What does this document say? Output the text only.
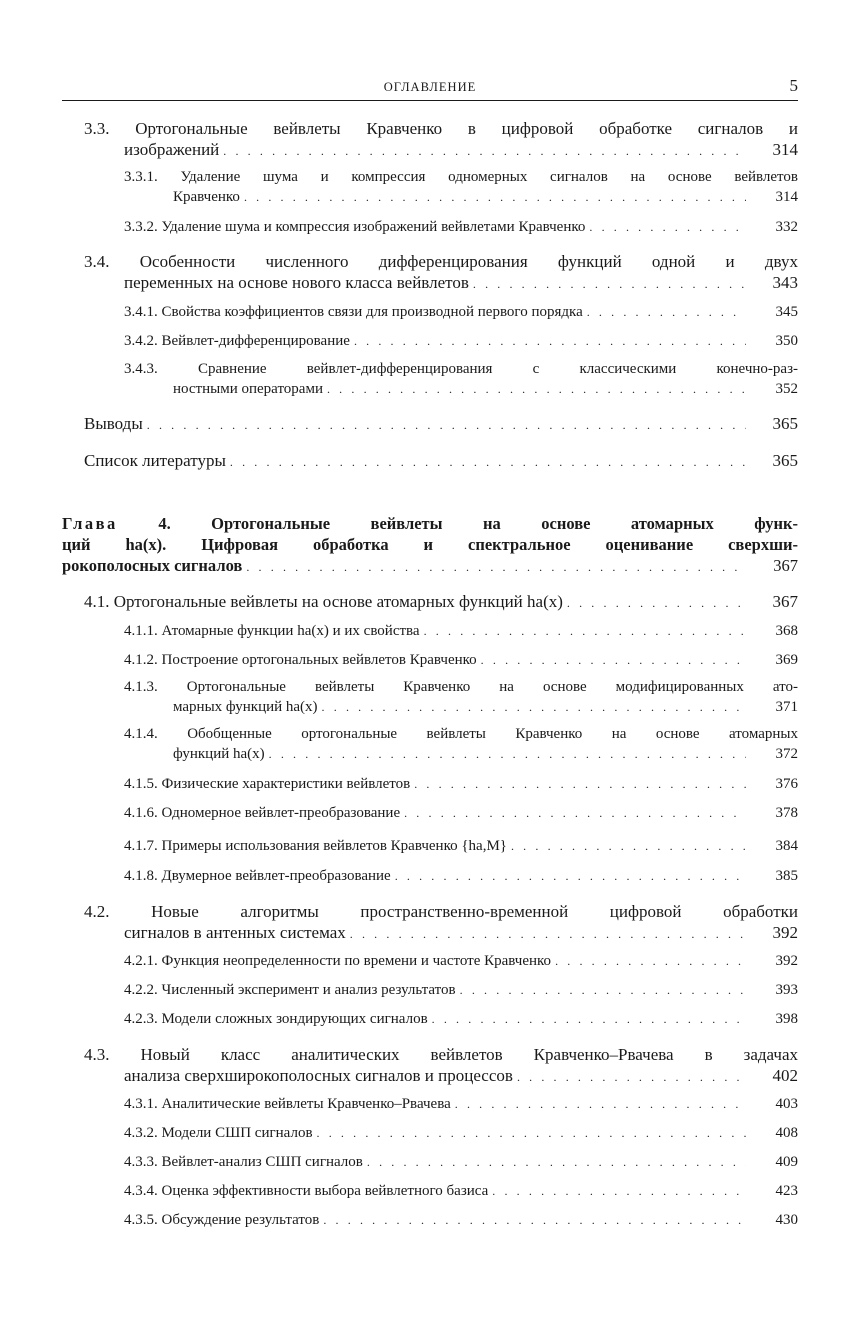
ОГЛАВЛЕНИЕ	5
3.3. Ортогональные вейвлеты Кравченко в цифровой обработке сигналов и
изображений . . .	314
3.3.1. Удаление шума и компрессия одномерных сигналов на основе вейвлетов
Кравченко . . .	314
3.3.2. Удаление шума и компрессия изображений вейвлетами Кравченко . . .	332
3.4. Особенности численного дифференцирования функций одной и двух
переменных на основе нового класса вейвлетов . . .	343
3.4.1. Свойства коэффициентов связи для производной первого порядка . . .	345
3.4.2. Вейвлет-дифференцирование . . .	350
3.4.3. Сравнение вейвлет-дифференцирования с классическими конечно-раз-
ностными операторами . . .	352
Выводы . . .	365
Список литературы . . .	365
Глава 4. Ортогональные вейвлеты на основе атомарных функ-
ций ha(x). Цифровая обработка и спектральное оценивание сверхши-
рокополосных сигналов . . .	367
4.1. Ортогональные вейвлеты на основе атомарных функций ha(x) . . .	367
4.1.1. Атомарные функции ha(x) и их свойства . . .	368
4.1.2. Построение ортогональных вейвлетов Кравченко . . .	369
4.1.3. Ортогональные вейвлеты Кравченко на основе модифицированных ато-
марных функций ha(x) . . .	371
4.1.4. Обобщенные ортогональные вейвлеты Кравченко на основе атомарных
функций ha(x) . . .	372
4.1.5. Физические характеристики вейвлетов . . .	376
4.1.6. Одномерное вейвлет-преобразование . . .	378
4.1.7. Примеры использования вейвлетов Кравченко {ha,M} . . .	384
4.1.8. Двумерное вейвлет-преобразование . . .	385
4.2. Новые алгоритмы пространственно-временной цифровой обработки
сигналов в антенных системах . . .	392
4.2.1. Функция неопределенности по времени и частоте Кравченко . . .	392
4.2.2. Численный эксперимент и анализ результатов . . .	393
4.2.3. Модели сложных зондирующих сигналов . . .	398
4.3. Новый класс аналитических вейвлетов Кравченко–Рвачева в задачах
анализа сверхширокополосных сигналов и процессов . . .	402
4.3.1. Аналитические вейвлеты Кравченко–Рвачева . . .	403
4.3.2. Модели СШП сигналов . . .	408
4.3.3. Вейвлет-анализ СШП сигналов . . .	409
4.3.4. Оценка эффективности выбора вейвлетного базиса . . .	423
4.3.5. Обсуждение результатов . . .	430
